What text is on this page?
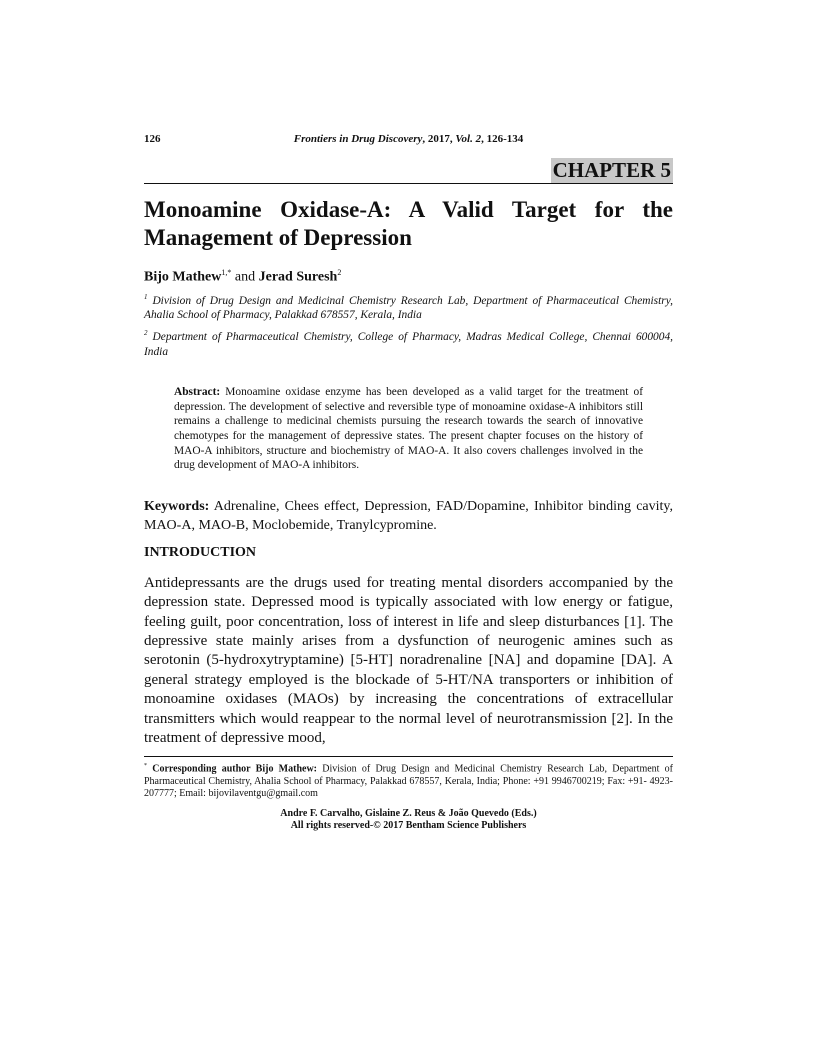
126	Frontiers in Drug Discovery, 2017, Vol. 2, 126-134
CHAPTER 5
Monoamine Oxidase-A: A Valid Target for the Management of Depression
Bijo Mathew$^{1,*}$ and Jerad Suresh$^2$
$^1$ Division of Drug Design and Medicinal Chemistry Research Lab, Department of Pharmaceutical Chemistry, Ahalia School of Pharmacy, Palakkad 678557, Kerala, India
$^2$ Department of Pharmaceutical Chemistry, College of Pharmacy, Madras Medical College, Chennai 600004, India
Abstract: Monoamine oxidase enzyme has been developed as a valid target for the treatment of depression. The development of selective and reversible type of monoamine oxidase-A inhibitors still remains a challenge to medicinal chemists pursuing the research towards the search of innovative chemotypes for the management of depressive states. The present chapter focuses on the history of MAO-A inhibitors, structure and biochemistry of MAO-A. It also covers challenges involved in the drug development of MAO-A inhibitors.
Keywords: Adrenaline, Chees effect, Depression, FAD/Dopamine, Inhibitor binding cavity, MAO-A, MAO-B, Moclobemide, Tranylcypromine.
INTRODUCTION

Antidepressants are the drugs used for treating mental disorders accompanied by the depression state. Depressed mood is typically associated with low energy or fatigue, feeling guilt, poor concentration, loss of interest in life and sleep disturbances [1]. The depressive state mainly arises from a dysfunction of neurogenic amines such as serotonin (5-hydroxytryptamine) [5-HT] noradrenaline [NA] and dopamine [DA]. A general strategy employed is the blockade of 5-HT/NA transporters or inhibition of monoamine oxidases (MAOs) by increasing the concentrations of extracellular transmitters which would reappear to the normal level of neurotransmission [2]. In the treatment of depressive mood,

* Corresponding author Bijo Mathew: Division of Drug Design and Medicinal Chemistry Research Lab, Department of Pharmaceutical Chemistry, Ahalia School of Pharmacy, Palakkad 678557, Kerala, India; Phone: +91 9946700219; Fax: +91- 4923- 207777; Email: bijovilaventgu@gmail.com
Andre F. Carvalho, Gislaine Z. Reus & João Quevedo (Eds.)
All rights reserved-© 2017 Bentham Science Publishers
